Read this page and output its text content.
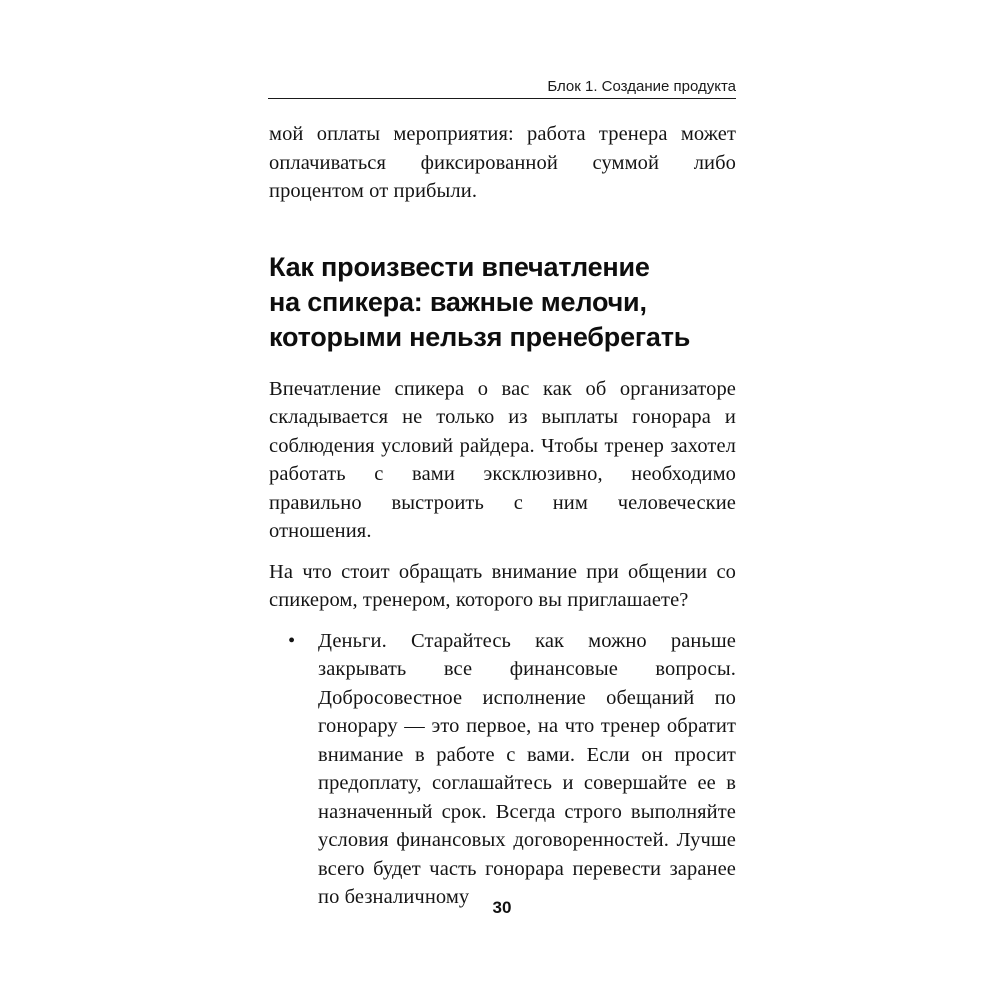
Блок 1. Создание продукта

мой оплаты мероприятия: работа тренера может оплачиваться фиксированной суммой либо процентом от прибыли.

Как произвести впечатление
на спикера: важные мелочи,
которыми нельзя пренебрегать

Впечатление спикера о вас как об организаторе складывается не только из выплаты гонорара и соблюдения условий райдера. Чтобы тренер захотел работать с вами эксклюзивно, необходимо правильно выстроить с ним человеческие отношения.

На что стоит обращать внимание при общении со спикером, тренером, которого вы приглашаете?

• Деньги. Старайтесь как можно раньше закрывать все финансовые вопросы. Добросовестное исполнение обещаний по гонорару — это первое, на что тренер обратит внимание в работе с вами. Если он просит предоплату, соглашайтесь и совершайте ее в назначенный срок. Всегда строго выполняйте условия финансовых договоренностей. Лучше всего будет часть гонорара перевести заранее по безналичному	30
